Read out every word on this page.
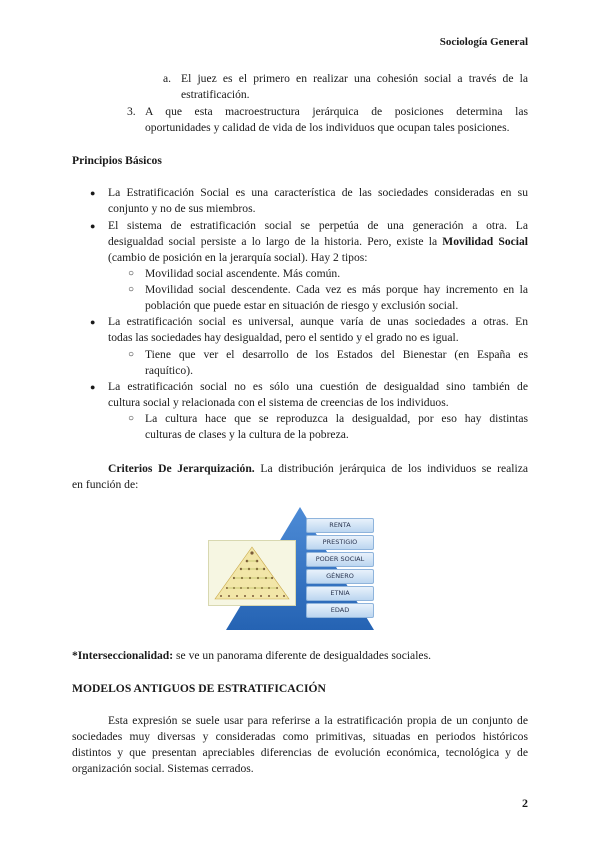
Sociología General
a. El juez es el primero en realizar una cohesión social a través de la
estratificación.
3. A que esta macroestructura jerárquica de posiciones determina las
oportunidades y calidad de vida de los individuos que ocupan tales posiciones.
Principios Básicos
● La Estratificación Social es una característica de las sociedades consideradas en su
conjunto y no de sus miembros.
● El sistema de estratificación social se perpetúa de una generación a otra. La
desigualdad social persiste a lo largo de la historia. Pero, existe la Movilidad Social
(cambio de posición en la jerarquía social). Hay 2 tipos:
○ Movilidad social ascendente. Más común.
○ Movilidad social descendente. Cada vez es más porque hay incremento en la
población que puede estar en situación de riesgo y exclusión social.
● La estratificación social es universal, aunque varía de unas sociedades a otras. En
todas las sociedades hay desigualdad, pero el sentido y el grado no es igual.
○ Tiene que ver el desarrollo de los Estados del Bienestar (en España es
raquítico).
● La estratificación social no es sólo una cuestión de desigualdad sino también de
cultura social y relacionada con el sistema de creencias de los individuos.
○ La cultura hace que se reproduzca la desigualdad, por eso hay distintas
culturas de clases y la cultura de la pobreza.
Criterios De Jerarquización. La distribución jerárquica de los individuos se realiza
en función de:
RENTA
PRESTIGIO
PODER SOCIAL
GÉNERO
ETNIA
EDAD
*Interseccionalidad: se ve un panorama diferente de desigualdades sociales.
MODELOS ANTIGUOS DE ESTRATIFICACIÓN
Esta expresión se suele usar para referirse a la estratificación propia de un conjunto de
sociedades muy diversas y consideradas como primitivas, situadas en periodos históricos
distintos y que presentan apreciables diferencias de evolución económica, tecnológica y de
organización social. Sistemas cerrados.
2
